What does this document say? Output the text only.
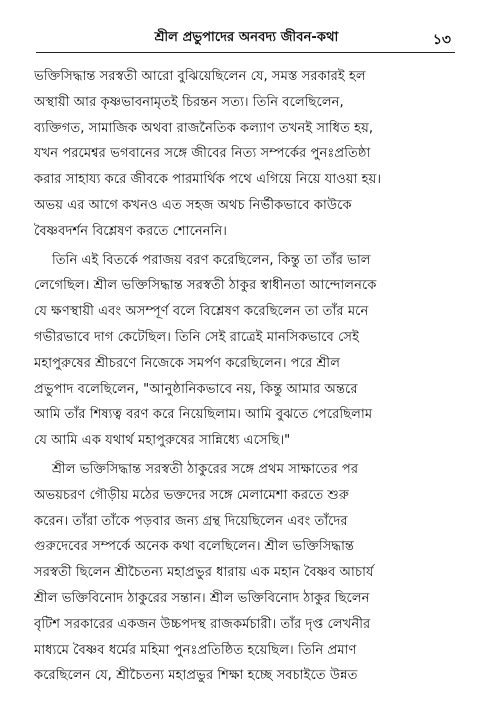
শ্রীল প্রভুপাদের অনবদ্য জীবন-কথা	১৩
ভক্তিসিদ্ধান্ত সরস্বতী আরো বুঝিয়েছিলেন যে, সমস্ত সরকারই হল
অস্থায়ী আর কৃষ্ণভাবনামৃতই চিরন্তন সত্য। তিনি বলেছিলেন,
ব্যক্তিগত, সামাজিক অথবা রাজনৈতিক কল্যাণ তখনই সাধিত হয়,
যখন পরমেশ্বর ভগবানের সঙ্গে জীবের নিত্য সম্পর্কের পুনঃপ্রতিষ্ঠা
করার সাহায্য করে জীবকে পারমার্থিক পথে এগিয়ে নিয়ে যাওয়া হয়।
অভয় এর আগে কখনও এত সহজ অথচ নির্ভীকভাবে কাউকে
বৈষ্ণবদর্শন বিশ্লেষণ করতে শোনেননি।
তিনি এই বিতর্কে পরাজয় বরণ করেছিলেন, কিন্তু তা তাঁর ভাল
লেগেছিল। শ্রীল ভক্তিসিদ্ধান্ত সরস্বতী ঠাকুর স্বাধীনতা আন্দোলনকে
যে ক্ষণস্থায়ী এবং অসম্পূর্ণ বলে বিশ্লেষণ করেছিলেন তা তাঁর মনে
গভীরভাবে দাগ কেটেছিল। তিনি সেই রাত্রেই মানসিকভাবে সেই
মহাপুরুষের শ্রীচরণে নিজেকে সমর্পণ করেছিলেন। পরে শ্রীল
প্রভুপাদ বলেছিলেন, "আনুষ্ঠানিকভাবে নয়, কিন্তু আমার অন্তরে
আমি তাঁর শিষ্যত্ব বরণ করে নিয়েছিলাম। আমি বুঝতে পেরেছিলাম
যে আমি এক যথার্থ মহাপুরুষের সান্নিধ্যে এসেছি।"
শ্রীল ভক্তিসিদ্ধান্ত সরস্বতী ঠাকুরের সঙ্গে প্রথম সাক্ষাতের পর
অভয়চরণ গৌড়ীয় মঠের ভক্তদের সঙ্গে মেলামেশা করতে শুরু
করেন। তাঁরা তাঁকে পড়বার জন্য গ্রন্থ দিয়েছিলেন এবং তাঁদের
গুরুদেবের সম্পর্কে অনেক কথা বলেছিলেন। শ্রীল ভক্তিসিদ্ধান্ত
সরস্বতী ছিলেন শ্রীচৈতন্য মহাপ্রভুর ধারায় এক মহান বৈষ্ণব আচার্য
শ্রীল ভক্তিবিনোদ ঠাকুরের সন্তান। শ্রীল ভক্তিবিনোদ ঠাকুর ছিলেন
বৃটিশ সরকারের একজন উচ্চপদস্থ রাজকর্মচারী। তাঁর দৃপ্ত লেখনীর
মাধ্যমে বৈষ্ণব ধর্মের মহিমা পুনঃপ্রতিষ্ঠিত হয়েছিল। তিনি প্রমাণ
করেছিলেন যে, শ্রীচৈতন্য মহাপ্রভুর শিক্ষা হচ্ছে সবচাইতে উন্নত
